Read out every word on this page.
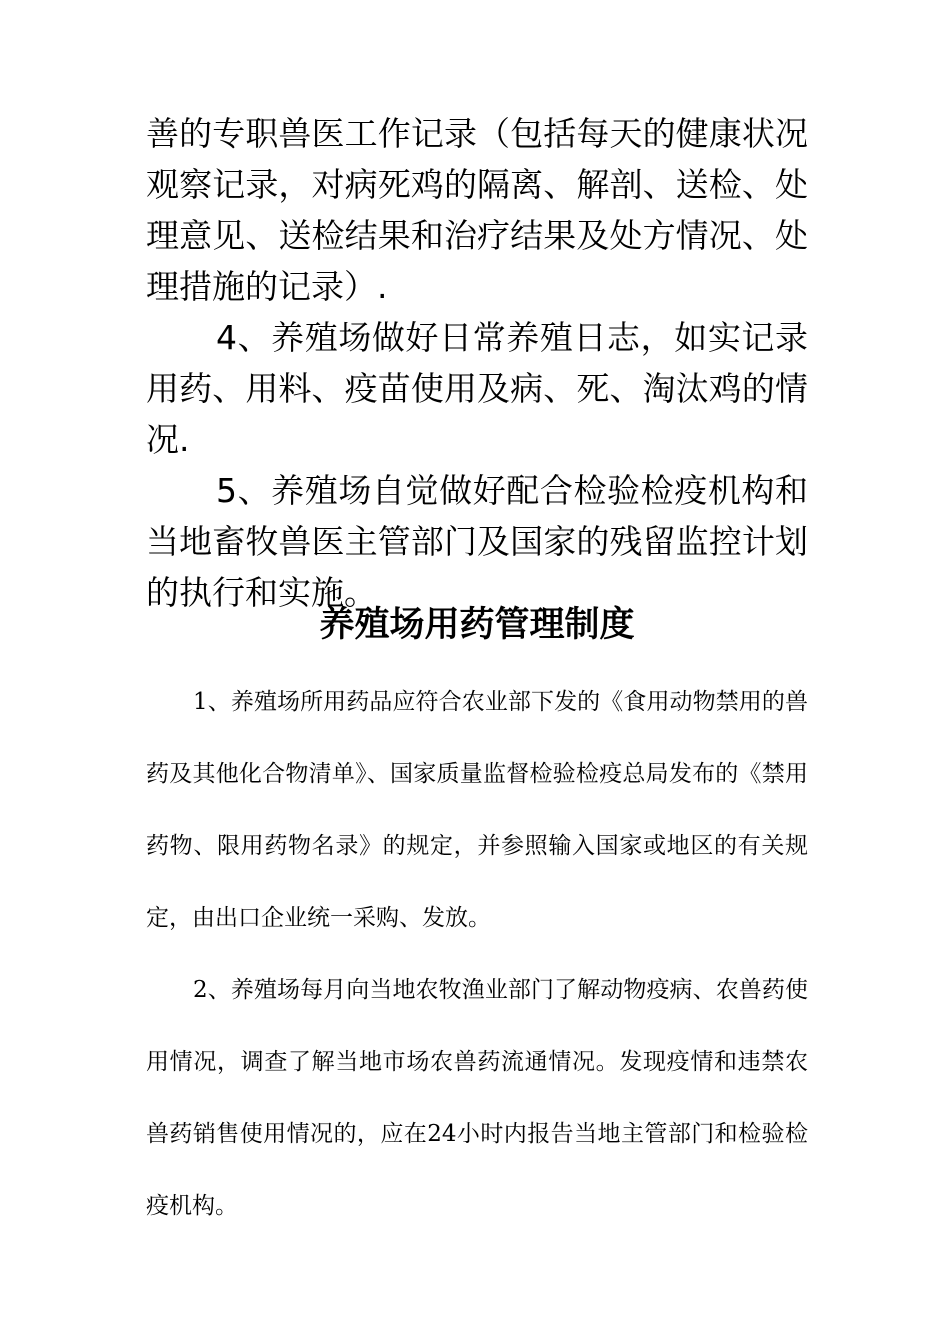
善的专职兽医工作记录（包括每天的健康状况观察记录，对病死鸡的隔离、解剖、送检、处理意见、送检结果和治疗结果及处方情况、处理措施的记录）.

4、养殖场做好日常养殖日志，如实记录用药、用料、疫苗使用及病、死、淘汰鸡的情况.

5、养殖场自觉做好配合检验检疫机构和当地畜牧兽医主管部门及国家的残留监控计划的执行和实施。

养殖场用药管理制度

1、养殖场所用药品应符合农业部下发的《食用动物禁用的兽药及其他化合物清单》、国家质量监督检验检疫总局发布的《禁用药物、限用药物名录》的规定，并参照输入国家或地区的有关规定，由出口企业统一采购、发放。

2、养殖场每月向当地农牧渔业部门了解动物疫病、农兽药使用情况，调查了解当地市场农兽药流通情况。发现疫情和违禁农兽药销售使用情况的，应在24小时内报告当地主管部门和检验检疫机构。
